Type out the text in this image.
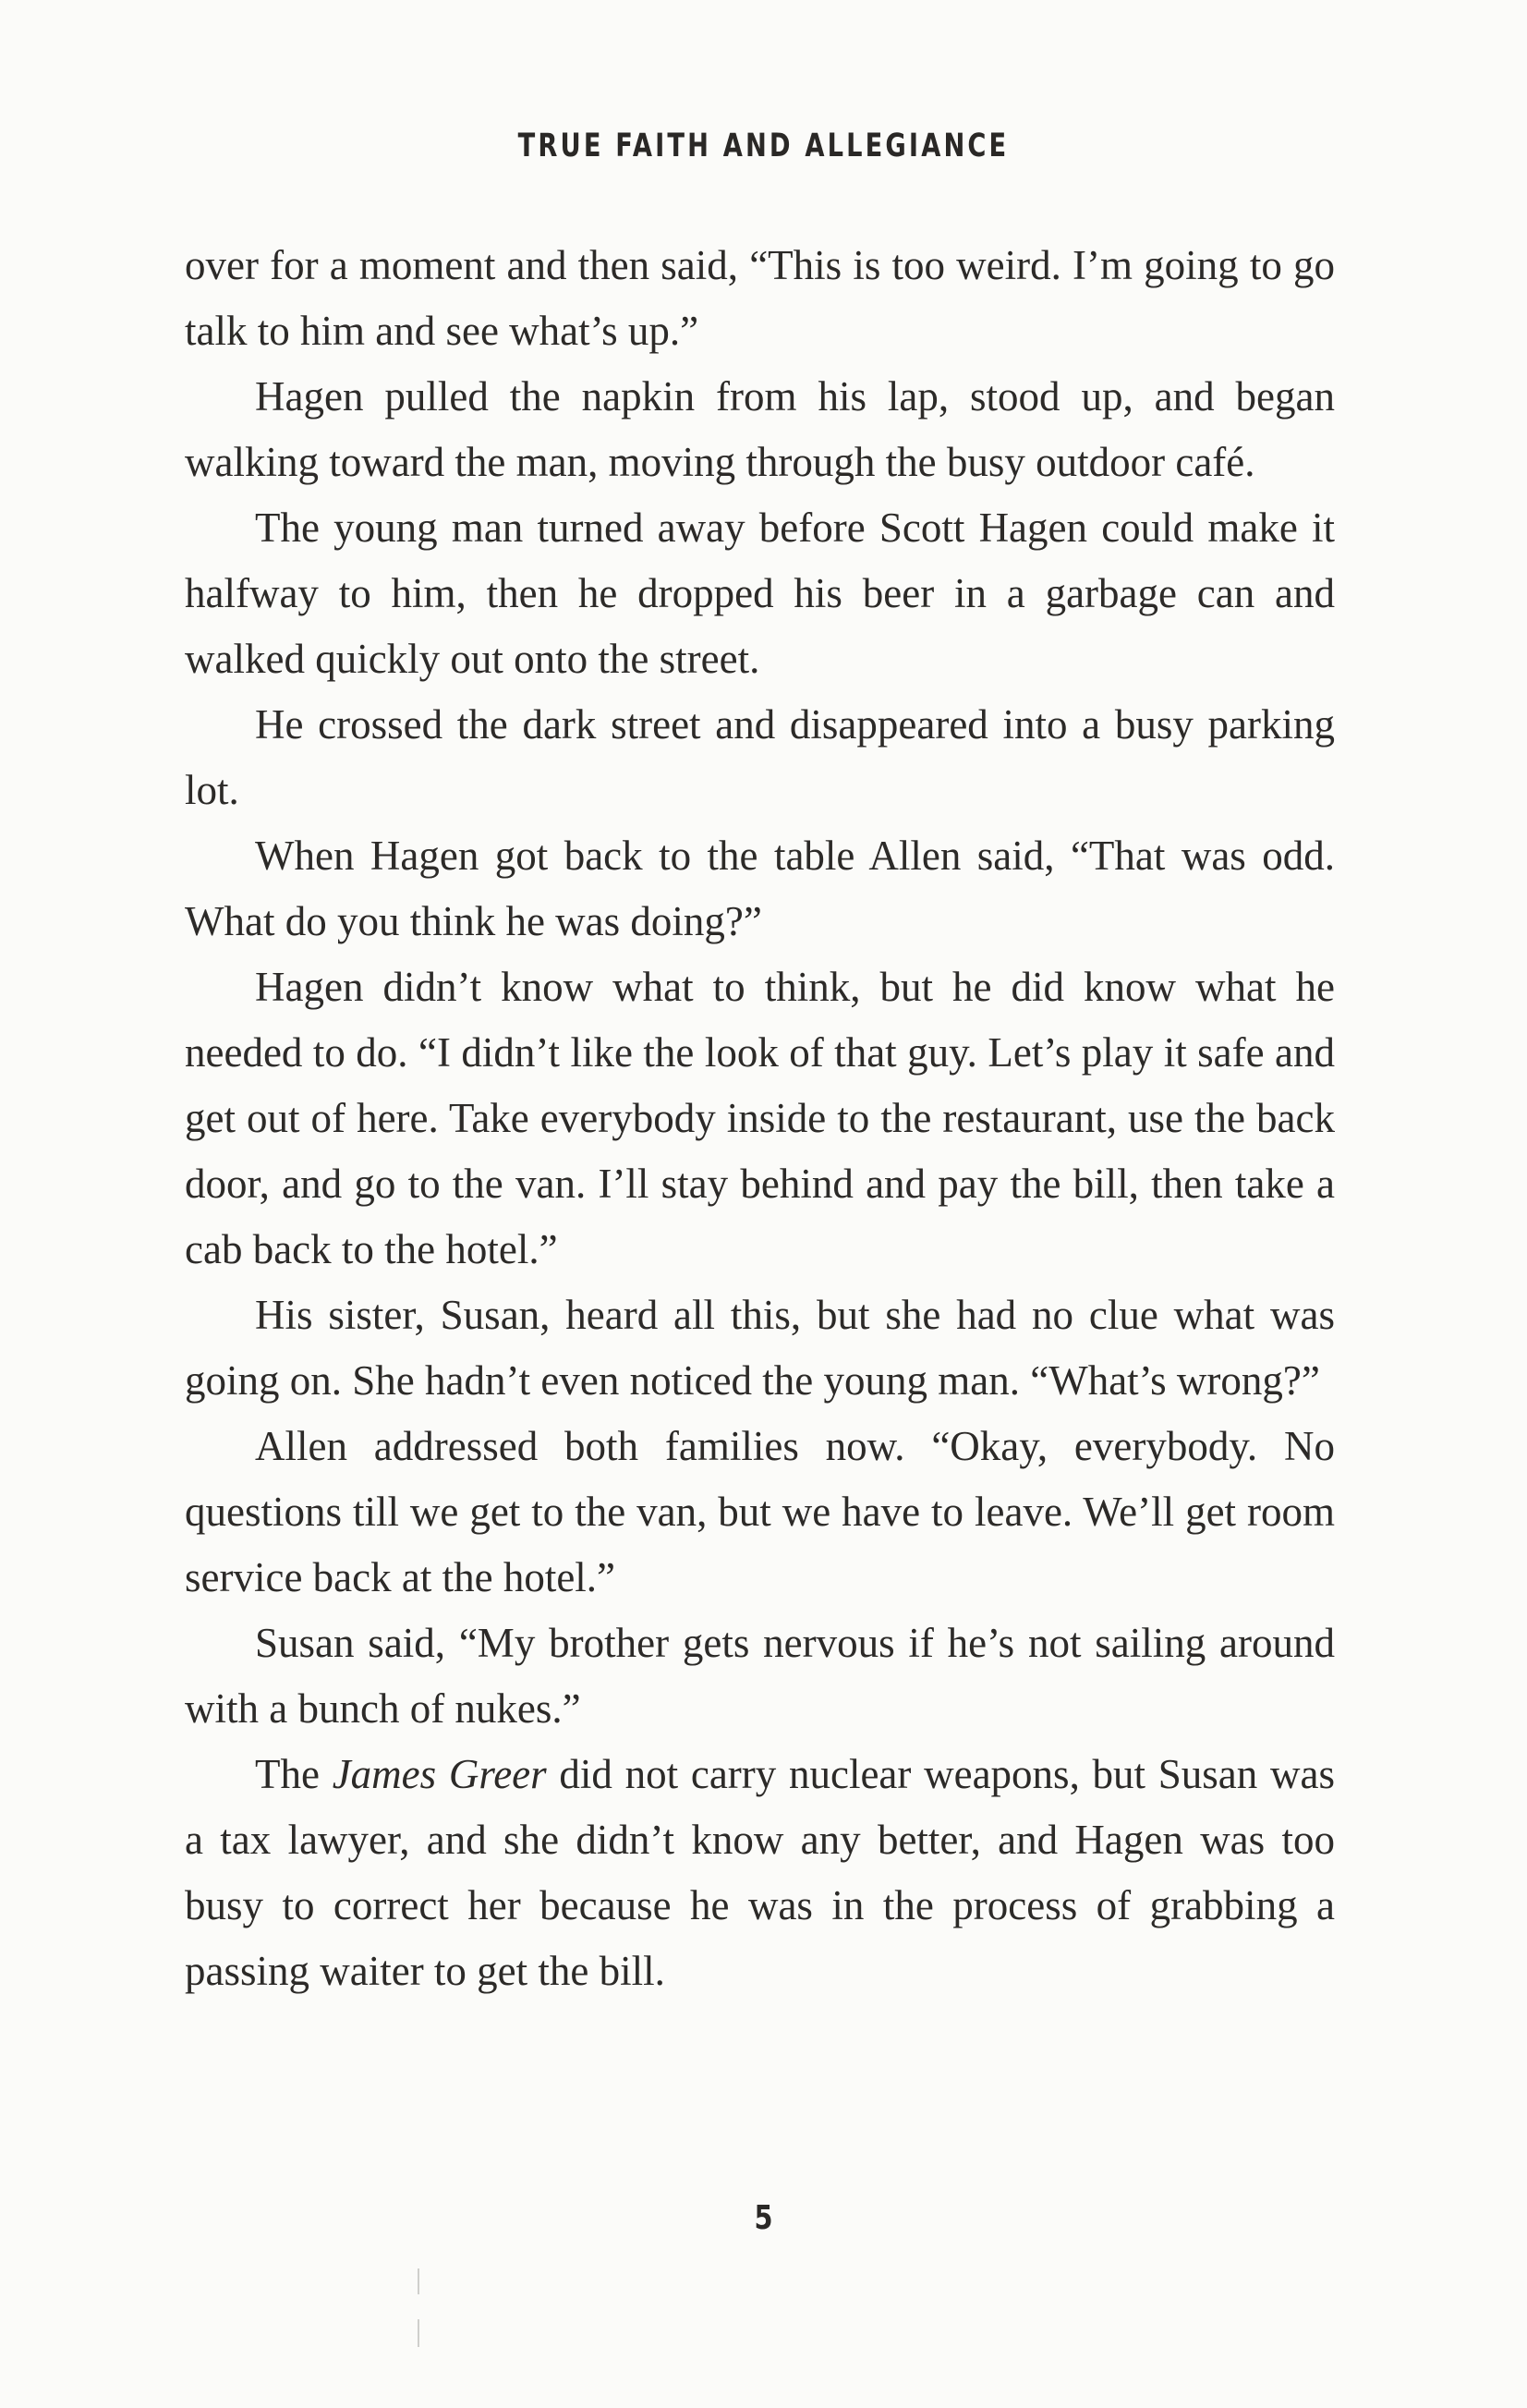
TRUE FAITH AND ALLEGIANCE

over for a moment and then said, “This is too weird. I’m going to go talk to him and see what’s up.”

Hagen pulled the napkin from his lap, stood up, and began walking toward the man, moving through the busy outdoor café.

The young man turned away before Scott Hagen could make it halfway to him, then he dropped his beer in a garbage can and walked quickly out onto the street.

He crossed the dark street and disappeared into a busy parking lot.

When Hagen got back to the table Allen said, “That was odd. What do you think he was doing?”

Hagen didn’t know what to think, but he did know what he needed to do. “I didn’t like the look of that guy. Let’s play it safe and get out of here. Take everybody inside to the restaurant, use the back door, and go to the van. I’ll stay behind and pay the bill, then take a cab back to the hotel.”

His sister, Susan, heard all this, but she had no clue what was going on. She hadn’t even noticed the young man. “What’s wrong?”

Allen addressed both families now. “Okay, everybody. No questions till we get to the van, but we have to leave. We’ll get room service back at the hotel.”

Susan said, “My brother gets nervous if he’s not sailing around with a bunch of nukes.”

The James Greer did not carry nuclear weapons, but Susan was a tax lawyer, and she didn’t know any better, and Hagen was too busy to correct her because he was in the process of grabbing a passing waiter to get the bill.

5
